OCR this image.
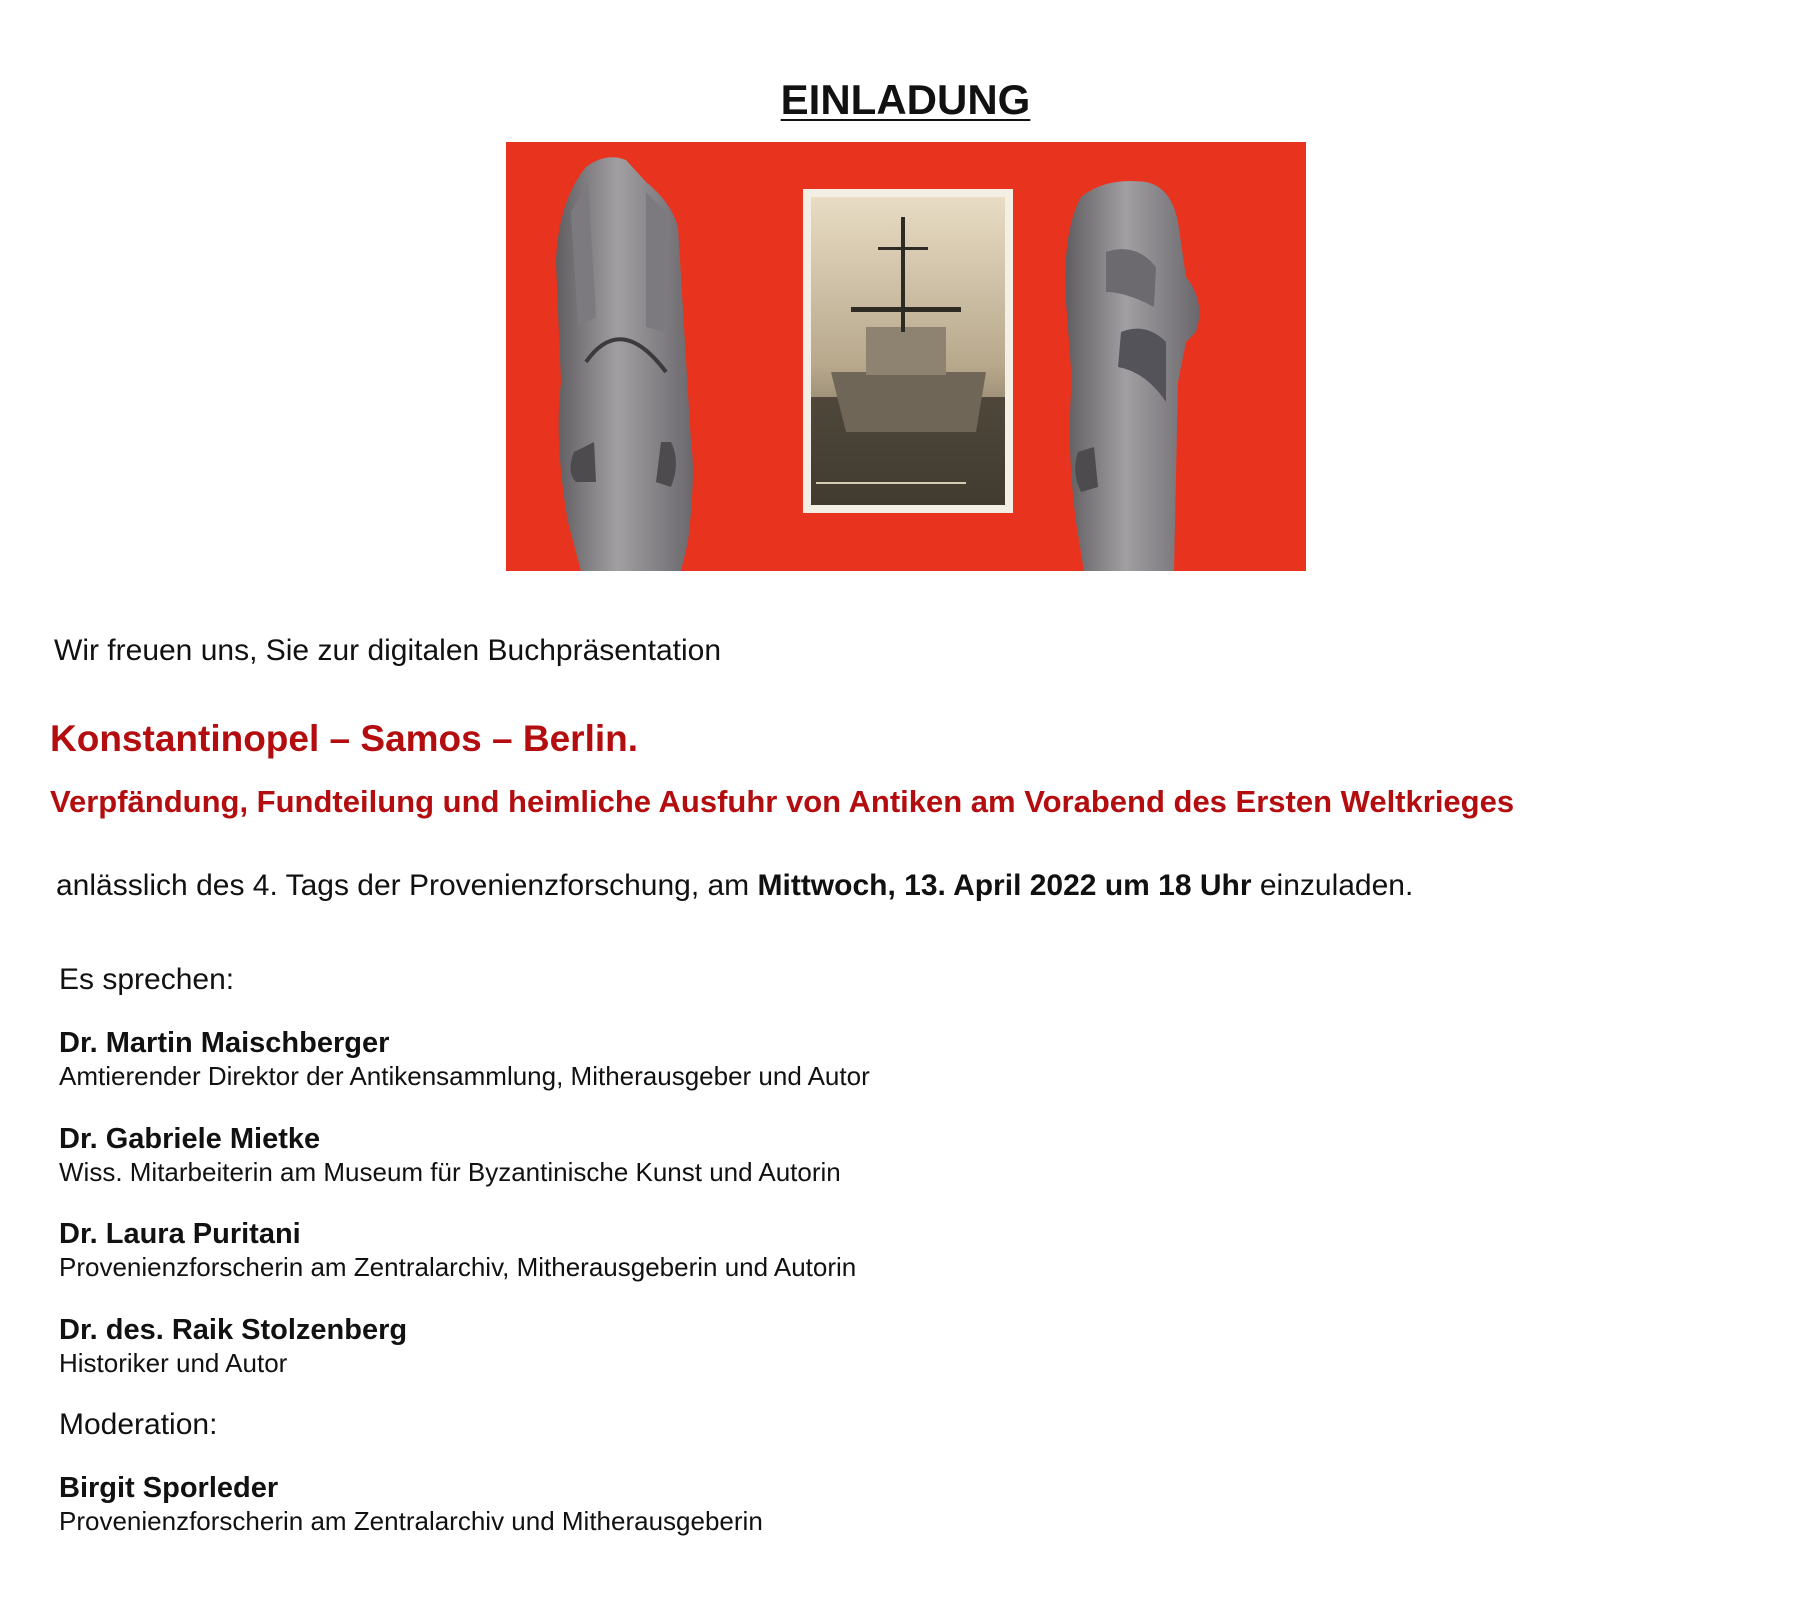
EINLADUNG

Wir freuen uns, Sie zur digitalen Buchpräsentation

Konstantinopel – Samos – Berlin.
Verpfändung, Fundteilung und heimliche Ausfuhr von Antiken am Vorabend des Ersten Weltkrieges

anlässlich des 4. Tags der Provenienzforschung, am Mittwoch, 13. April 2022 um 18 Uhr einzuladen.

Es sprechen:

Dr. Martin Maischberger
Amtierender Direktor der Antikensammlung, Mitherausgeber und Autor
Dr. Gabriele Mietke
Wiss. Mitarbeiterin am Museum für Byzantinische Kunst und Autorin
Dr. Laura Puritani
Provenienzforscherin am Zentralarchiv, Mitherausgeberin und Autorin
Dr. des. Raik Stolzenberg
Historiker und Autor

Moderation:

Birgit Sporleder
Provenienzforscherin am Zentralarchiv und Mitherausgeberin
